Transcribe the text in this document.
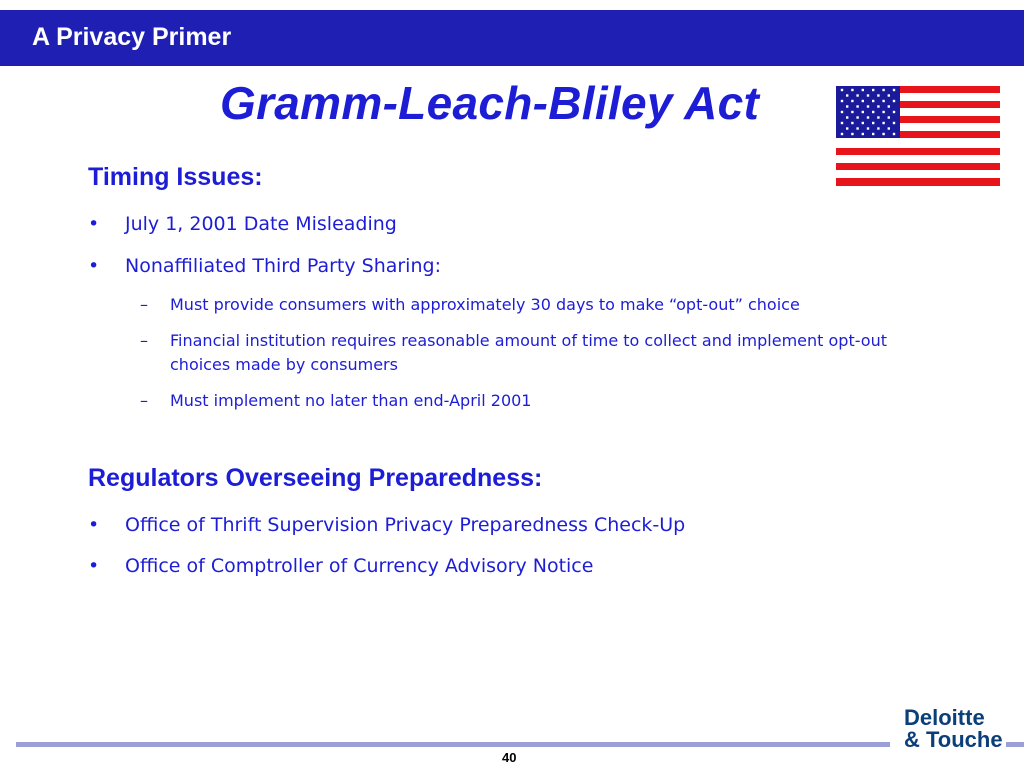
A Privacy Primer
Gramm-Leach-Bliley Act
Timing Issues:
• July 1, 2001 Date Misleading
• Nonaffiliated Third Party Sharing:
– Must provide consumers with approximately 30 days to make “opt-out” choice
– Financial institution requires reasonable amount of time to collect and implement opt-out choices made by consumers
– Must implement no later than end-April 2001
Regulators Overseeing Preparedness:
• Office of Thrift Supervision Privacy Preparedness Check-Up
• Office of Comptroller of Currency Advisory Notice
40
Deloitte
& Touche
